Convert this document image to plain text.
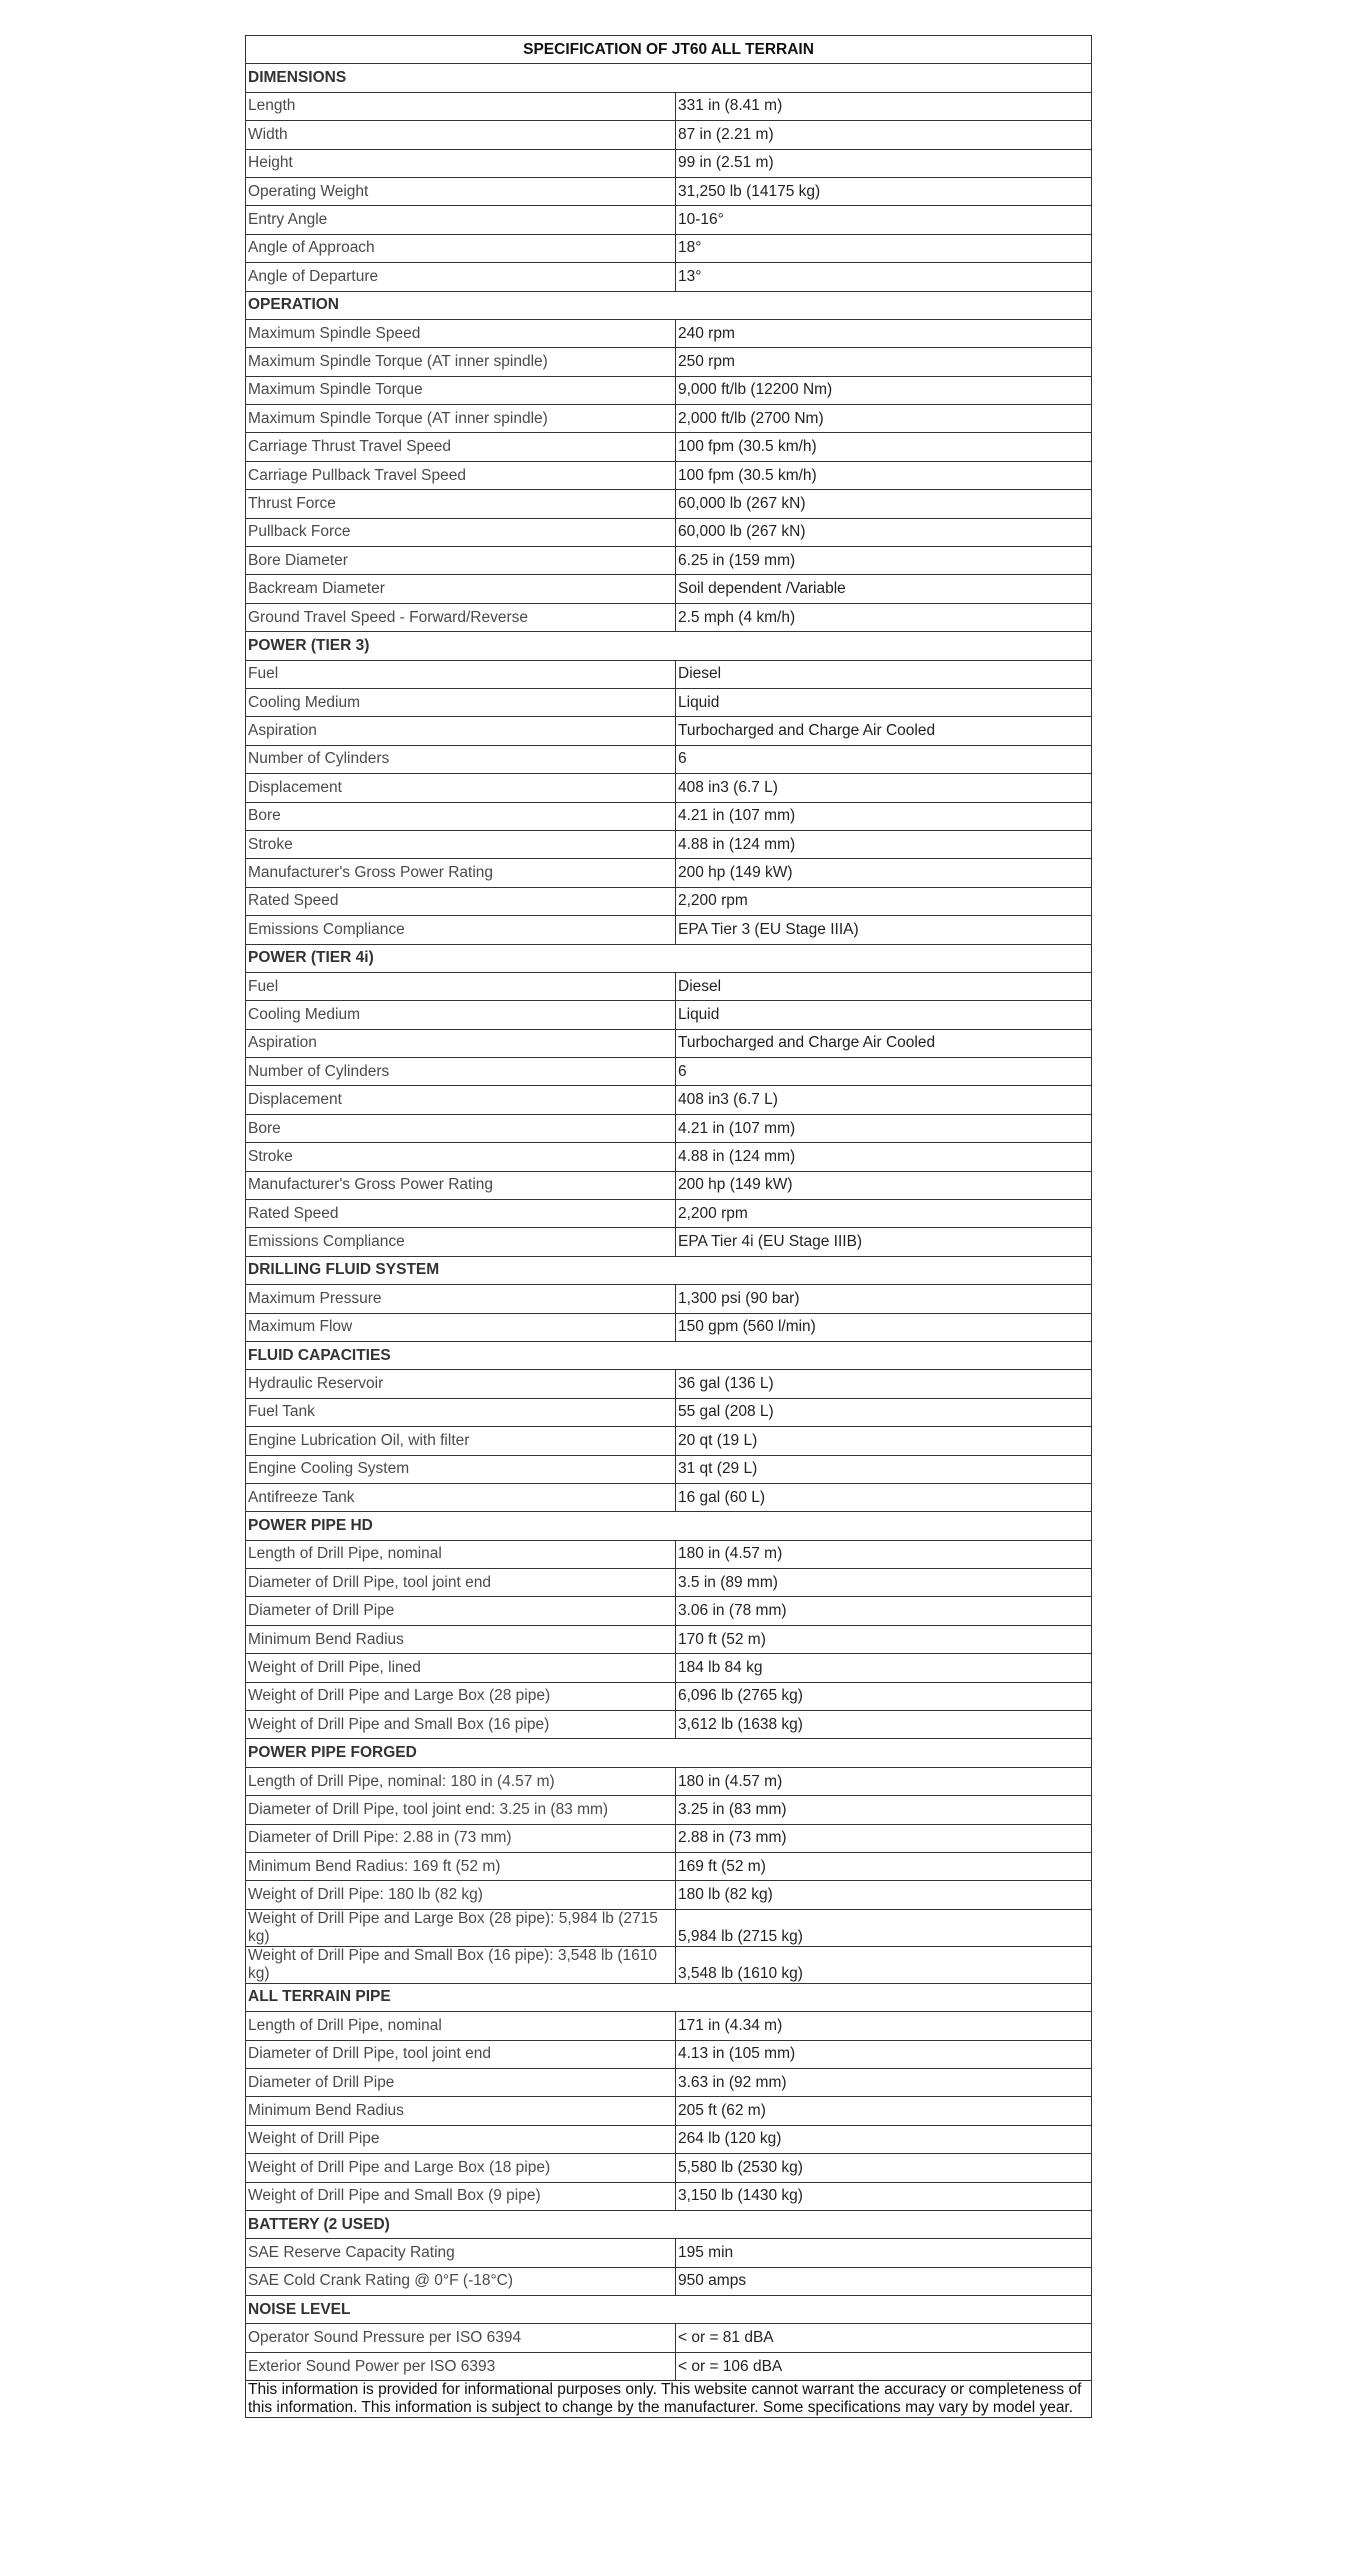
SPECIFICATION OF JT60 ALL TERRAIN	
DIMENSIONS	
Length	331 in (8.41 m)
Width	87 in (2.21 m)
Height	99 in (2.51 m)
Operating Weight	31,250 lb (14175 kg)
Entry Angle	10-16°
Angle of Approach	18°
Angle of Departure	13°
OPERATION	
Maximum Spindle Speed	240 rpm
Maximum Spindle Torque (AT inner spindle)	250 rpm
Maximum Spindle Torque	9,000 ft/lb (12200 Nm)
Maximum Spindle Torque (AT inner spindle)	2,000 ft/lb (2700 Nm)
Carriage Thrust Travel Speed	100 fpm (30.5 km/h)
Carriage Pullback Travel Speed	100 fpm (30.5 km/h)
Thrust Force	60,000 lb (267 kN)
Pullback Force	60,000 lb (267 kN)
Bore Diameter	6.25 in (159 mm)
Backream Diameter	Soil dependent /Variable
Ground Travel Speed - Forward/Reverse	2.5 mph (4 km/h)
POWER (TIER 3)	
Fuel	Diesel
Cooling Medium	Liquid
Aspiration	Turbocharged and Charge Air Cooled
Number of Cylinders	6
Displacement	408 in3 (6.7 L)
Bore	4.21 in (107 mm)
Stroke	4.88 in (124 mm)
Manufacturer's Gross Power Rating	200 hp (149 kW)
Rated Speed	2,200 rpm
Emissions Compliance	EPA Tier 3 (EU Stage IIIA)
POWER (TIER 4i)	
Fuel	Diesel
Cooling Medium	Liquid
Aspiration	Turbocharged and Charge Air Cooled
Number of Cylinders	6
Displacement	408 in3 (6.7 L)
Bore	4.21 in (107 mm)
Stroke	4.88 in (124 mm)
Manufacturer's Gross Power Rating	200 hp (149 kW)
Rated Speed	2,200 rpm
Emissions Compliance	EPA Tier 4i (EU Stage IIIB)
DRILLING FLUID SYSTEM	
Maximum Pressure	1,300 psi (90 bar)
Maximum Flow	150 gpm (560 l/min)
FLUID CAPACITIES	
Hydraulic Reservoir	36 gal (136 L)
Fuel Tank	55 gal (208 L)
Engine Lubrication Oil, with filter	20 qt (19 L)
Engine Cooling System	31 qt (29 L)
Antifreeze Tank	16 gal (60 L)
POWER PIPE HD	
Length of Drill Pipe, nominal	180 in (4.57 m)
Diameter of Drill Pipe, tool joint end	3.5 in (89 mm)
Diameter of Drill Pipe	3.06 in (78 mm)
Minimum Bend Radius	170 ft (52 m)
Weight of Drill Pipe, lined	184 lb 84 kg
Weight of Drill Pipe and Large Box (28 pipe)	6,096 lb (2765 kg)
Weight of Drill Pipe and Small Box (16 pipe)	3,612 lb (1638 kg)
POWER PIPE FORGED	
Length of Drill Pipe, nominal: 180 in (4.57 m)	180 in (4.57 m)
Diameter of Drill Pipe, tool joint end: 3.25 in (83 mm)	3.25 in (83 mm)
Diameter of Drill Pipe: 2.88 in (73 mm)	2.88 in (73 mm)
Minimum Bend Radius: 169 ft (52 m)	169 ft (52 m)
Weight of Drill Pipe: 180 lb (82 kg)	180 lb (82 kg)
Weight of Drill Pipe and Large Box (28 pipe): 5,984 lb (2715 kg)	5,984 lb (2715 kg)
Weight of Drill Pipe and Small Box (16 pipe): 3,548 lb (1610 kg)	3,548 lb (1610 kg)
ALL TERRAIN PIPE	
Length of Drill Pipe, nominal	171 in (4.34 m)
Diameter of Drill Pipe, tool joint end	4.13 in (105 mm)
Diameter of Drill Pipe	3.63 in (92 mm)
Minimum Bend Radius	205 ft (62 m)
Weight of Drill Pipe	264 lb (120 kg)
Weight of Drill Pipe and Large Box (18 pipe)	5,580 lb (2530 kg)
Weight of Drill Pipe and Small Box (9 pipe)	3,150 lb (1430 kg)
BATTERY (2 USED)	
SAE Reserve Capacity Rating	195 min
SAE Cold Crank Rating @ 0°F (-18°C)	950 amps
NOISE LEVEL	
Operator Sound Pressure per ISO 6394	< or = 81 dBA
Exterior Sound Power per ISO 6393	< or = 106 dBA
This information is provided for informational purposes only. This website cannot warrant the accuracy or completeness of this information. This information is subject to change by the manufacturer. Some specifications may vary by model year.	
